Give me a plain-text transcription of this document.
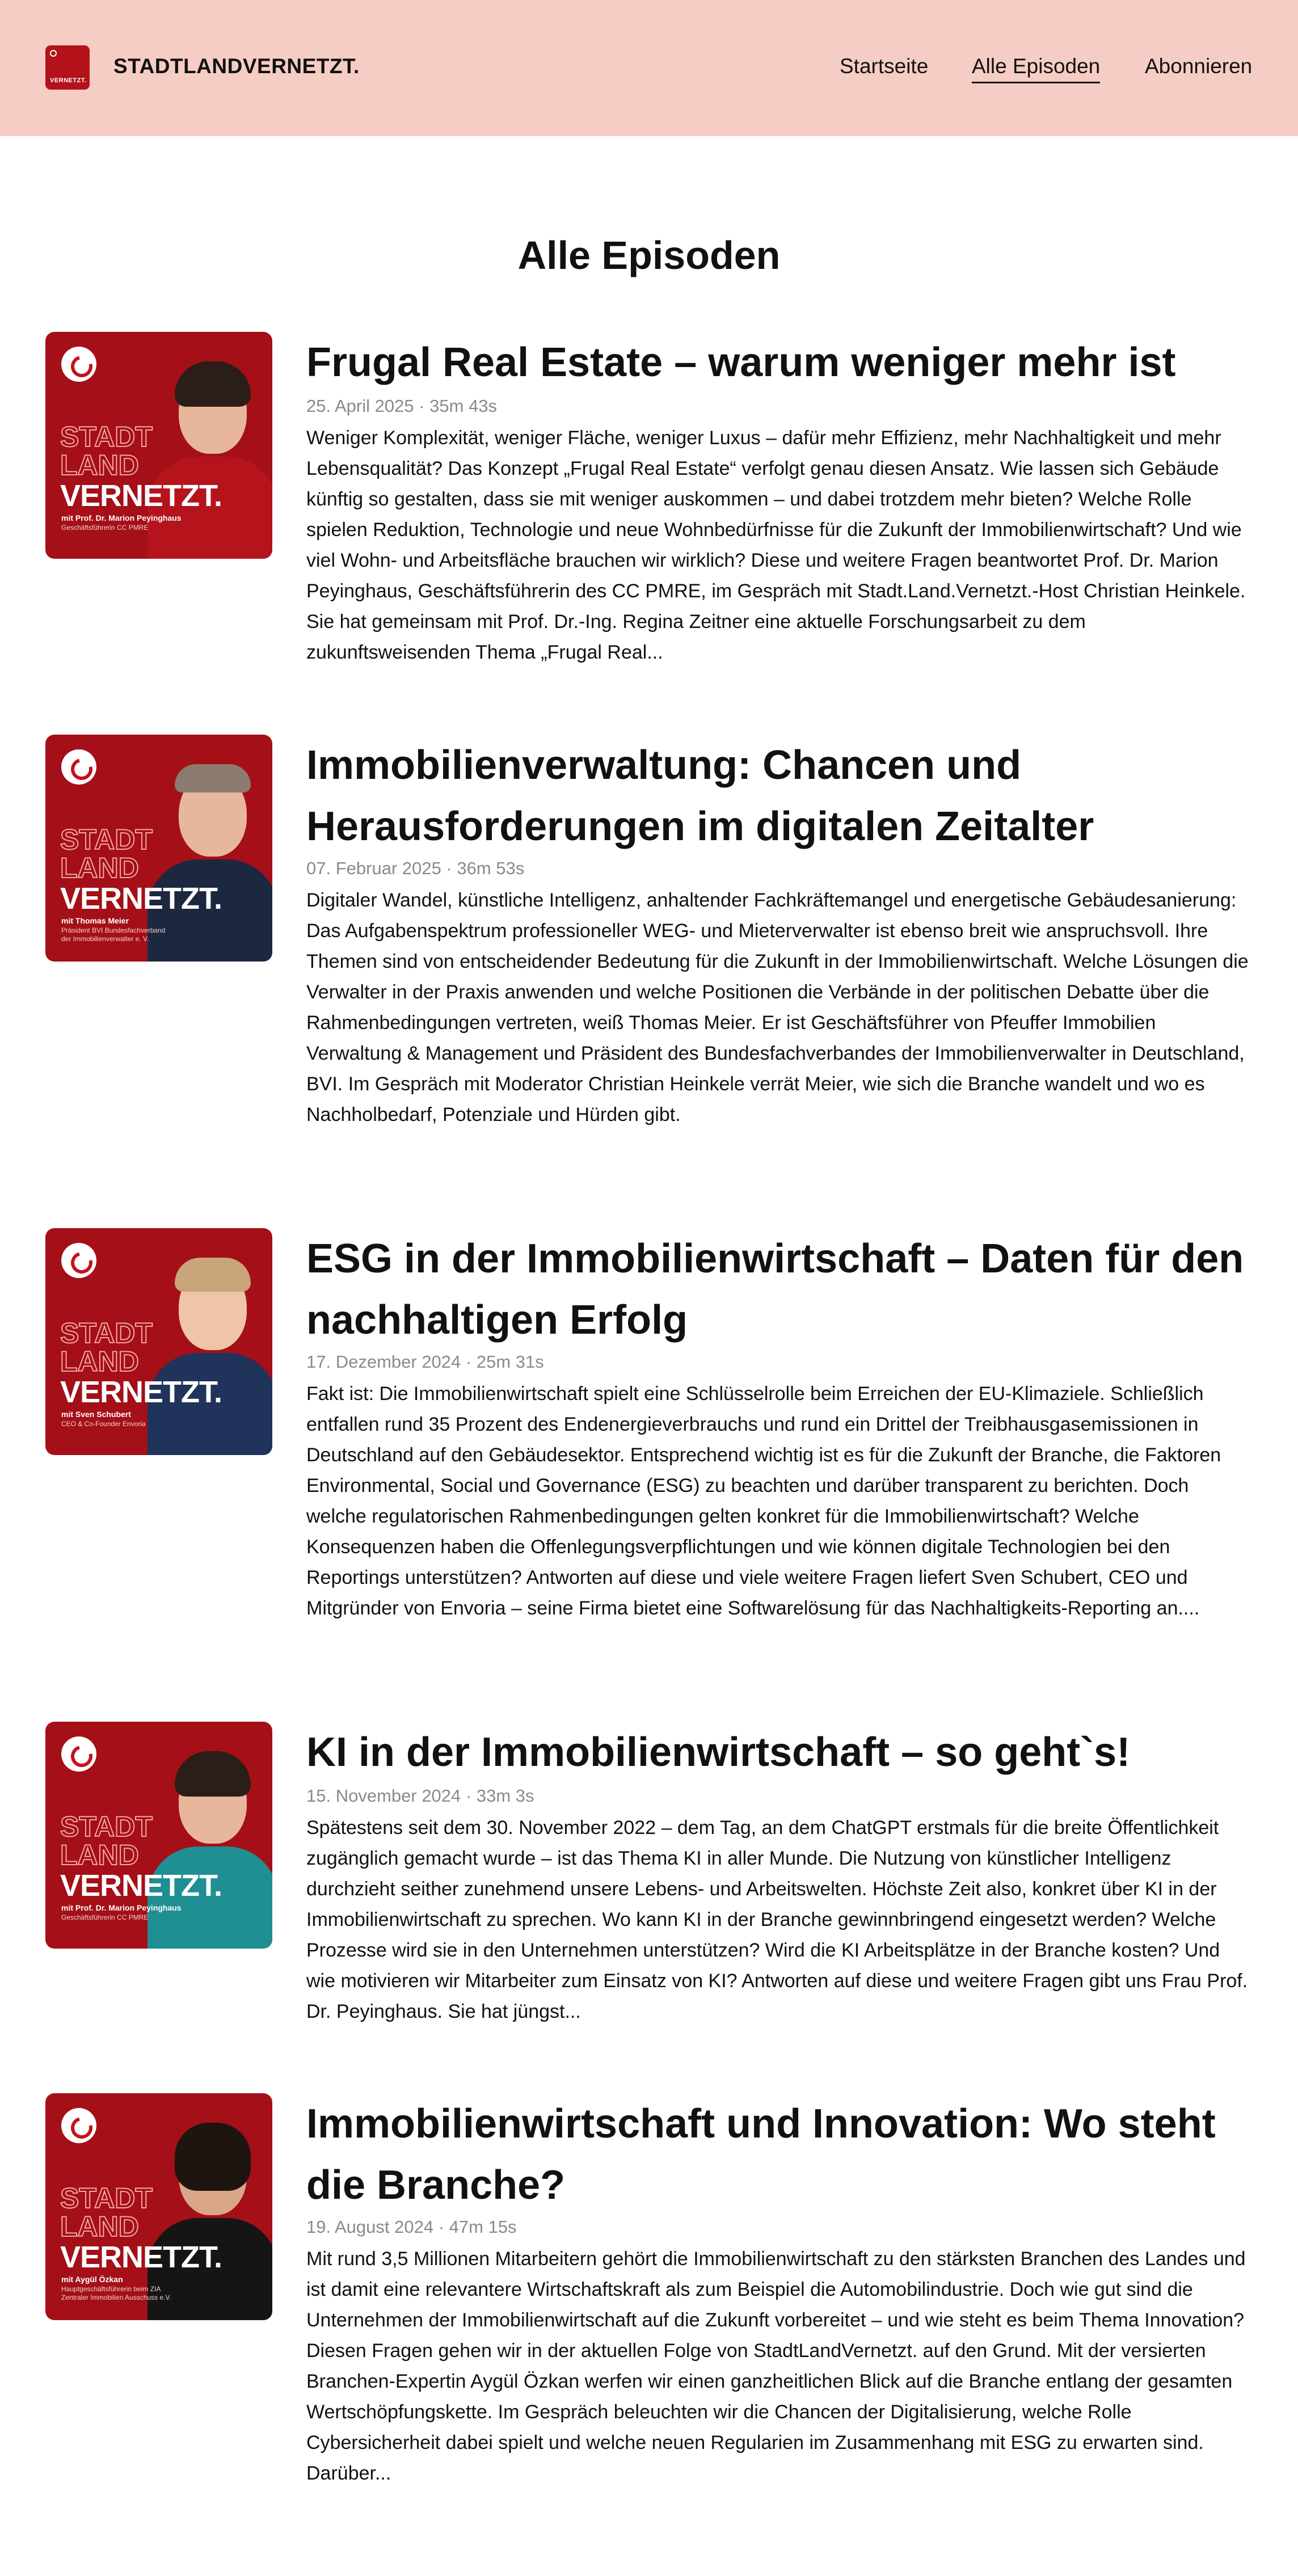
VERNETZT.
STADTLANDVERNETZT.	Startseite Alle Episoden Abonnieren
Alle Episoden
STADT
LAND
VERNETZT.
mit Prof. Dr. Marion Peyinghaus
Geschäftsführerin CC PMRE
Frugal Real Estate – warum weniger mehr ist
25. April 2025 · 35m 43s
Weniger Komplexität, weniger Fläche, weniger Luxus – dafür mehr Effizienz, mehr Nachhaltigkeit und mehr Lebensqualität? Das Konzept „Frugal Real Estate“ verfolgt genau diesen Ansatz. Wie lassen sich Gebäude künftig so gestalten, dass sie mit weniger auskommen – und dabei trotzdem mehr bieten? Welche Rolle spielen Reduktion, Technologie und neue Wohnbedürfnisse für die Zukunft der Immobilienwirtschaft? Und wie viel Wohn- und Arbeitsfläche brauchen wir wirklich? Diese und weitere Fragen beantwortet Prof. Dr. Marion Peyinghaus, Geschäftsführerin des CC PMRE, im Gespräch mit Stadt.Land.Vernetzt.-Host Christian Heinkele. Sie hat gemeinsam mit Prof. Dr.-Ing. Regina Zeitner eine aktuelle Forschungsarbeit zu dem zukunftsweisenden Thema „Frugal Real...
STADT
LAND
VERNETZT.
mit Thomas Meier
Präsident BVI Bundesfachverband der Immobilienverwalter e. V.
Immobilienverwaltung: Chancen und Herausforderungen im digitalen Zeitalter
07. Februar 2025 · 36m 53s
Digitaler Wandel, künstliche Intelligenz, anhaltender Fachkräftemangel und energetische Gebäudesanierung: Das Aufgabenspektrum professioneller WEG- und Mieterverwalter ist ebenso breit wie anspruchsvoll. Ihre Themen sind von entscheidender Bedeutung für die Zukunft in der Immobilienwirtschaft. Welche Lösungen die Verwalter in der Praxis anwenden und welche Positionen die Verbände in der politischen Debatte über die Rahmenbedingungen vertreten, weiß Thomas Meier. Er ist Geschäftsführer von Pfeuffer Immobilien Verwaltung & Management und Präsident des Bundesfachverbandes der Immobilienverwalter in Deutschland, BVI. Im Gespräch mit Moderator Christian Heinkele verrät Meier, wie sich die Branche wandelt und wo es Nachholbedarf, Potenziale und Hürden gibt.
STADT
LAND
VERNETZT.
mit Sven Schubert
CEO & Co-Founder Envoria
ESG in der Immobilienwirtschaft – Daten für den nachhaltigen Erfolg
17. Dezember 2024 · 25m 31s
Fakt ist: Die Immobilienwirtschaft spielt eine Schlüsselrolle beim Erreichen der EU-Klimaziele. Schließlich entfallen rund 35 Prozent des Endenergieverbrauchs und rund ein Drittel der Treibhausgasemissionen in Deutschland auf den Gebäudesektor. Entsprechend wichtig ist es für die Zukunft der Branche, die Faktoren Environmental, Social und Governance (ESG) zu beachten und darüber transparent zu berichten. Doch welche regulatorischen Rahmenbedingungen gelten konkret für die Immobilienwirtschaft? Welche Konsequenzen haben die Offenlegungsverpflichtungen und wie können digitale Technologien bei den Reportings unterstützen? Antworten auf diese und viele weitere Fragen liefert Sven Schubert, CEO und Mitgründer von Envoria – seine Firma bietet eine Softwarelösung für das Nachhaltigkeits-Reporting an....
STADT
LAND
VERNETZT.
mit Prof. Dr. Marion Peyinghaus
Geschäftsführerin CC PMRE
KI in der Immobilienwirtschaft – so geht`s!
15. November 2024 · 33m 3s
Spätestens seit dem 30. November 2022 – dem Tag, an dem ChatGPT erstmals für die breite Öffentlichkeit zugänglich gemacht wurde – ist das Thema KI in aller Munde. Die Nutzung von künstlicher Intelligenz durchzieht seither zunehmend unsere Lebens- und Arbeitswelten. Höchste Zeit also, konkret über KI in der Immobilienwirtschaft zu sprechen. Wo kann KI in der Branche gewinnbringend eingesetzt werden? Welche Prozesse wird sie in den Unternehmen unterstützen? Wird die KI Arbeitsplätze in der Branche kosten? Und wie motivieren wir Mitarbeiter zum Einsatz von KI? Antworten auf diese und weitere Fragen gibt uns Frau Prof. Dr. Peyinghaus. Sie hat jüngst...
STADT
LAND
VERNETZT.
mit Aygül Özkan
Hauptgeschäftsführerin beim ZIA Zentraler Immobilien Ausschuss e.V.
Immobilienwirtschaft und Innovation: Wo steht die Branche?
19. August 2024 · 47m 15s
Mit rund 3,5 Millionen Mitarbeitern gehört die Immobilienwirtschaft zu den stärksten Branchen des Landes und ist damit eine relevantere Wirtschaftskraft als zum Beispiel die Automobilindustrie. Doch wie gut sind die Unternehmen der Immobilienwirtschaft auf die Zukunft vorbereitet – und wie steht es beim Thema Innovation? Diesen Fragen gehen wir in der aktuellen Folge von StadtLandVernetzt. auf den Grund. Mit der versierten Branchen-Expertin Aygül Özkan werfen wir einen ganzheitlichen Blick auf die Branche entlang der gesamten Wertschöpfungskette. Im Gespräch beleuchten wir die Chancen der Digitalisierung, welche Rolle Cybersicherheit dabei spielt und welche neuen Regularien im Zusammenhang mit ESG zu erwarten sind. Darüber...
